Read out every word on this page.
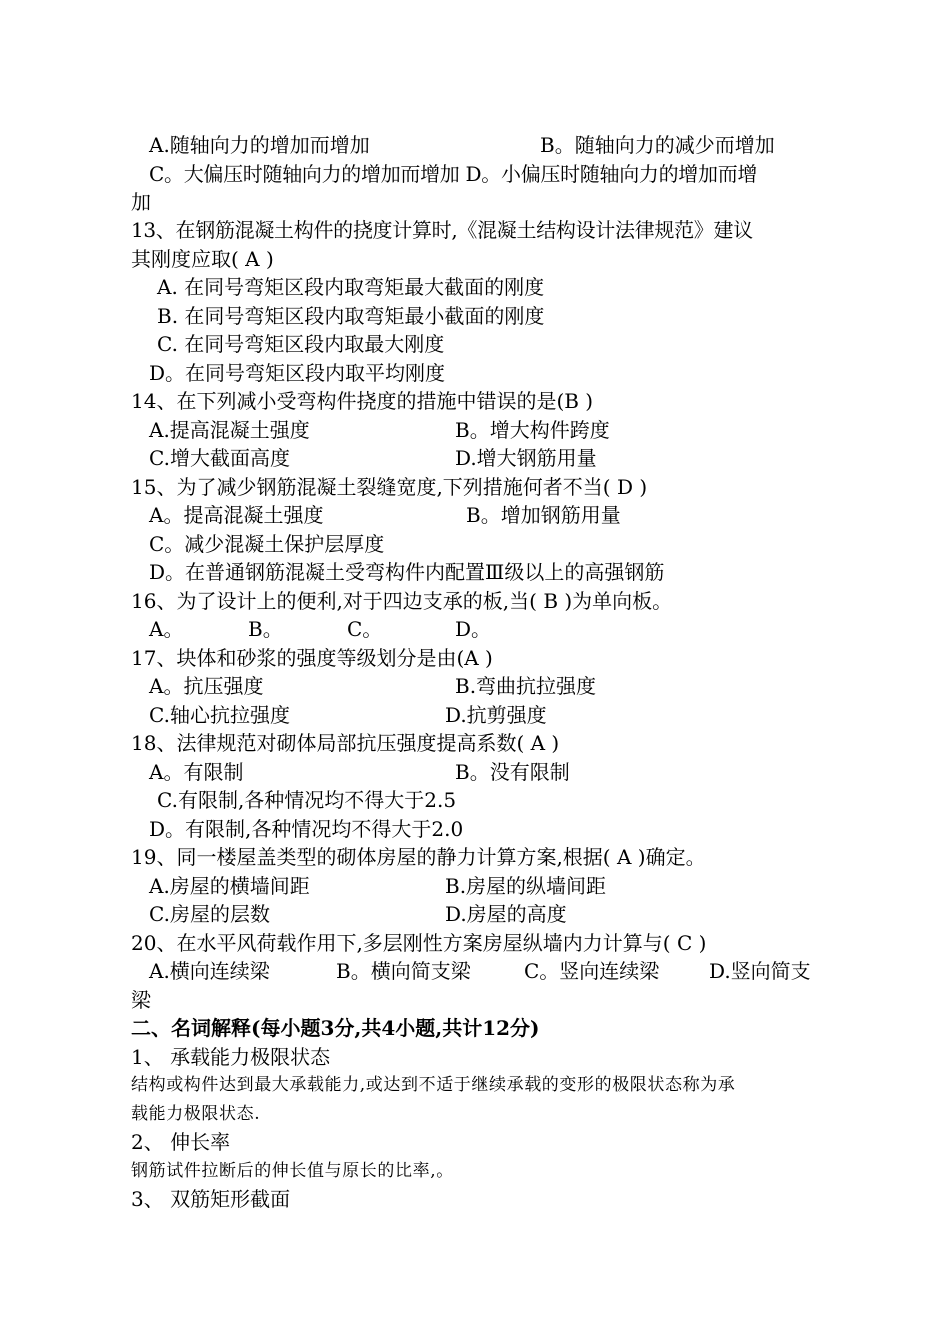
A.随轴向力的增加而增加	B。随轴向力的减少而增加
C。大偏压时随轴向力的增加而增加 D。小偏压时随轴向力的增加而增
加
13、在钢筋混凝土构件的挠度计算时,《混凝土结构设计法律规范》建议
其刚度应取( A )
A. 在同号弯矩区段内取弯矩最大截面的刚度
B. 在同号弯矩区段内取弯矩最小截面的刚度
C. 在同号弯矩区段内取最大刚度
D。在同号弯矩区段内取平均刚度
14、在下列减小受弯构件挠度的措施中错误的是(B )
A.提高混凝土强度	B。增大构件跨度
C.增大截面高度	D.增大钢筋用量
15、为了减少钢筋混凝土裂缝宽度,下列措施何者不当( D )
A。提高混凝土强度	B。增加钢筋用量
C。减少混凝土保护层厚度
D。在普通钢筋混凝土受弯构件内配置Ⅲ级以上的高强钢筋
16、为了设计上的便利,对于四边支承的板,当( B )为单向板。
A。	B。	C。	D。
17、块体和砂浆的强度等级划分是由(A )
A。抗压强度	B.弯曲抗拉强度
C.轴心抗拉强度	D.抗剪强度
18、法律规范对砌体局部抗压强度提高系数( A )
A。有限制	B。没有限制
C.有限制,各种情况均不得大于2.5
D。有限制,各种情况均不得大于2.0
19、同一楼屋盖类型的砌体房屋的静力计算方案,根据( A )确定。
A.房屋的横墙间距	B.房屋的纵墙间距
C.房屋的层数	D.房屋的高度
20、在水平风荷载作用下,多层刚性方案房屋纵墙内力计算与( C )
A.横向连续梁	B。横向简支梁	C。竖向连续梁 D.竖向简支
梁
二、名词解释(每小题3分,共4小题,共计12分)
1、 承载能力极限状态
结构或构件达到最大承载能力,或达到不适于继续承载的变形的极限状态称为承
载能力极限状态.
2、 伸长率
钢筋试件拉断后的伸长值与原长的比率,。
3、 双筋矩形截面
